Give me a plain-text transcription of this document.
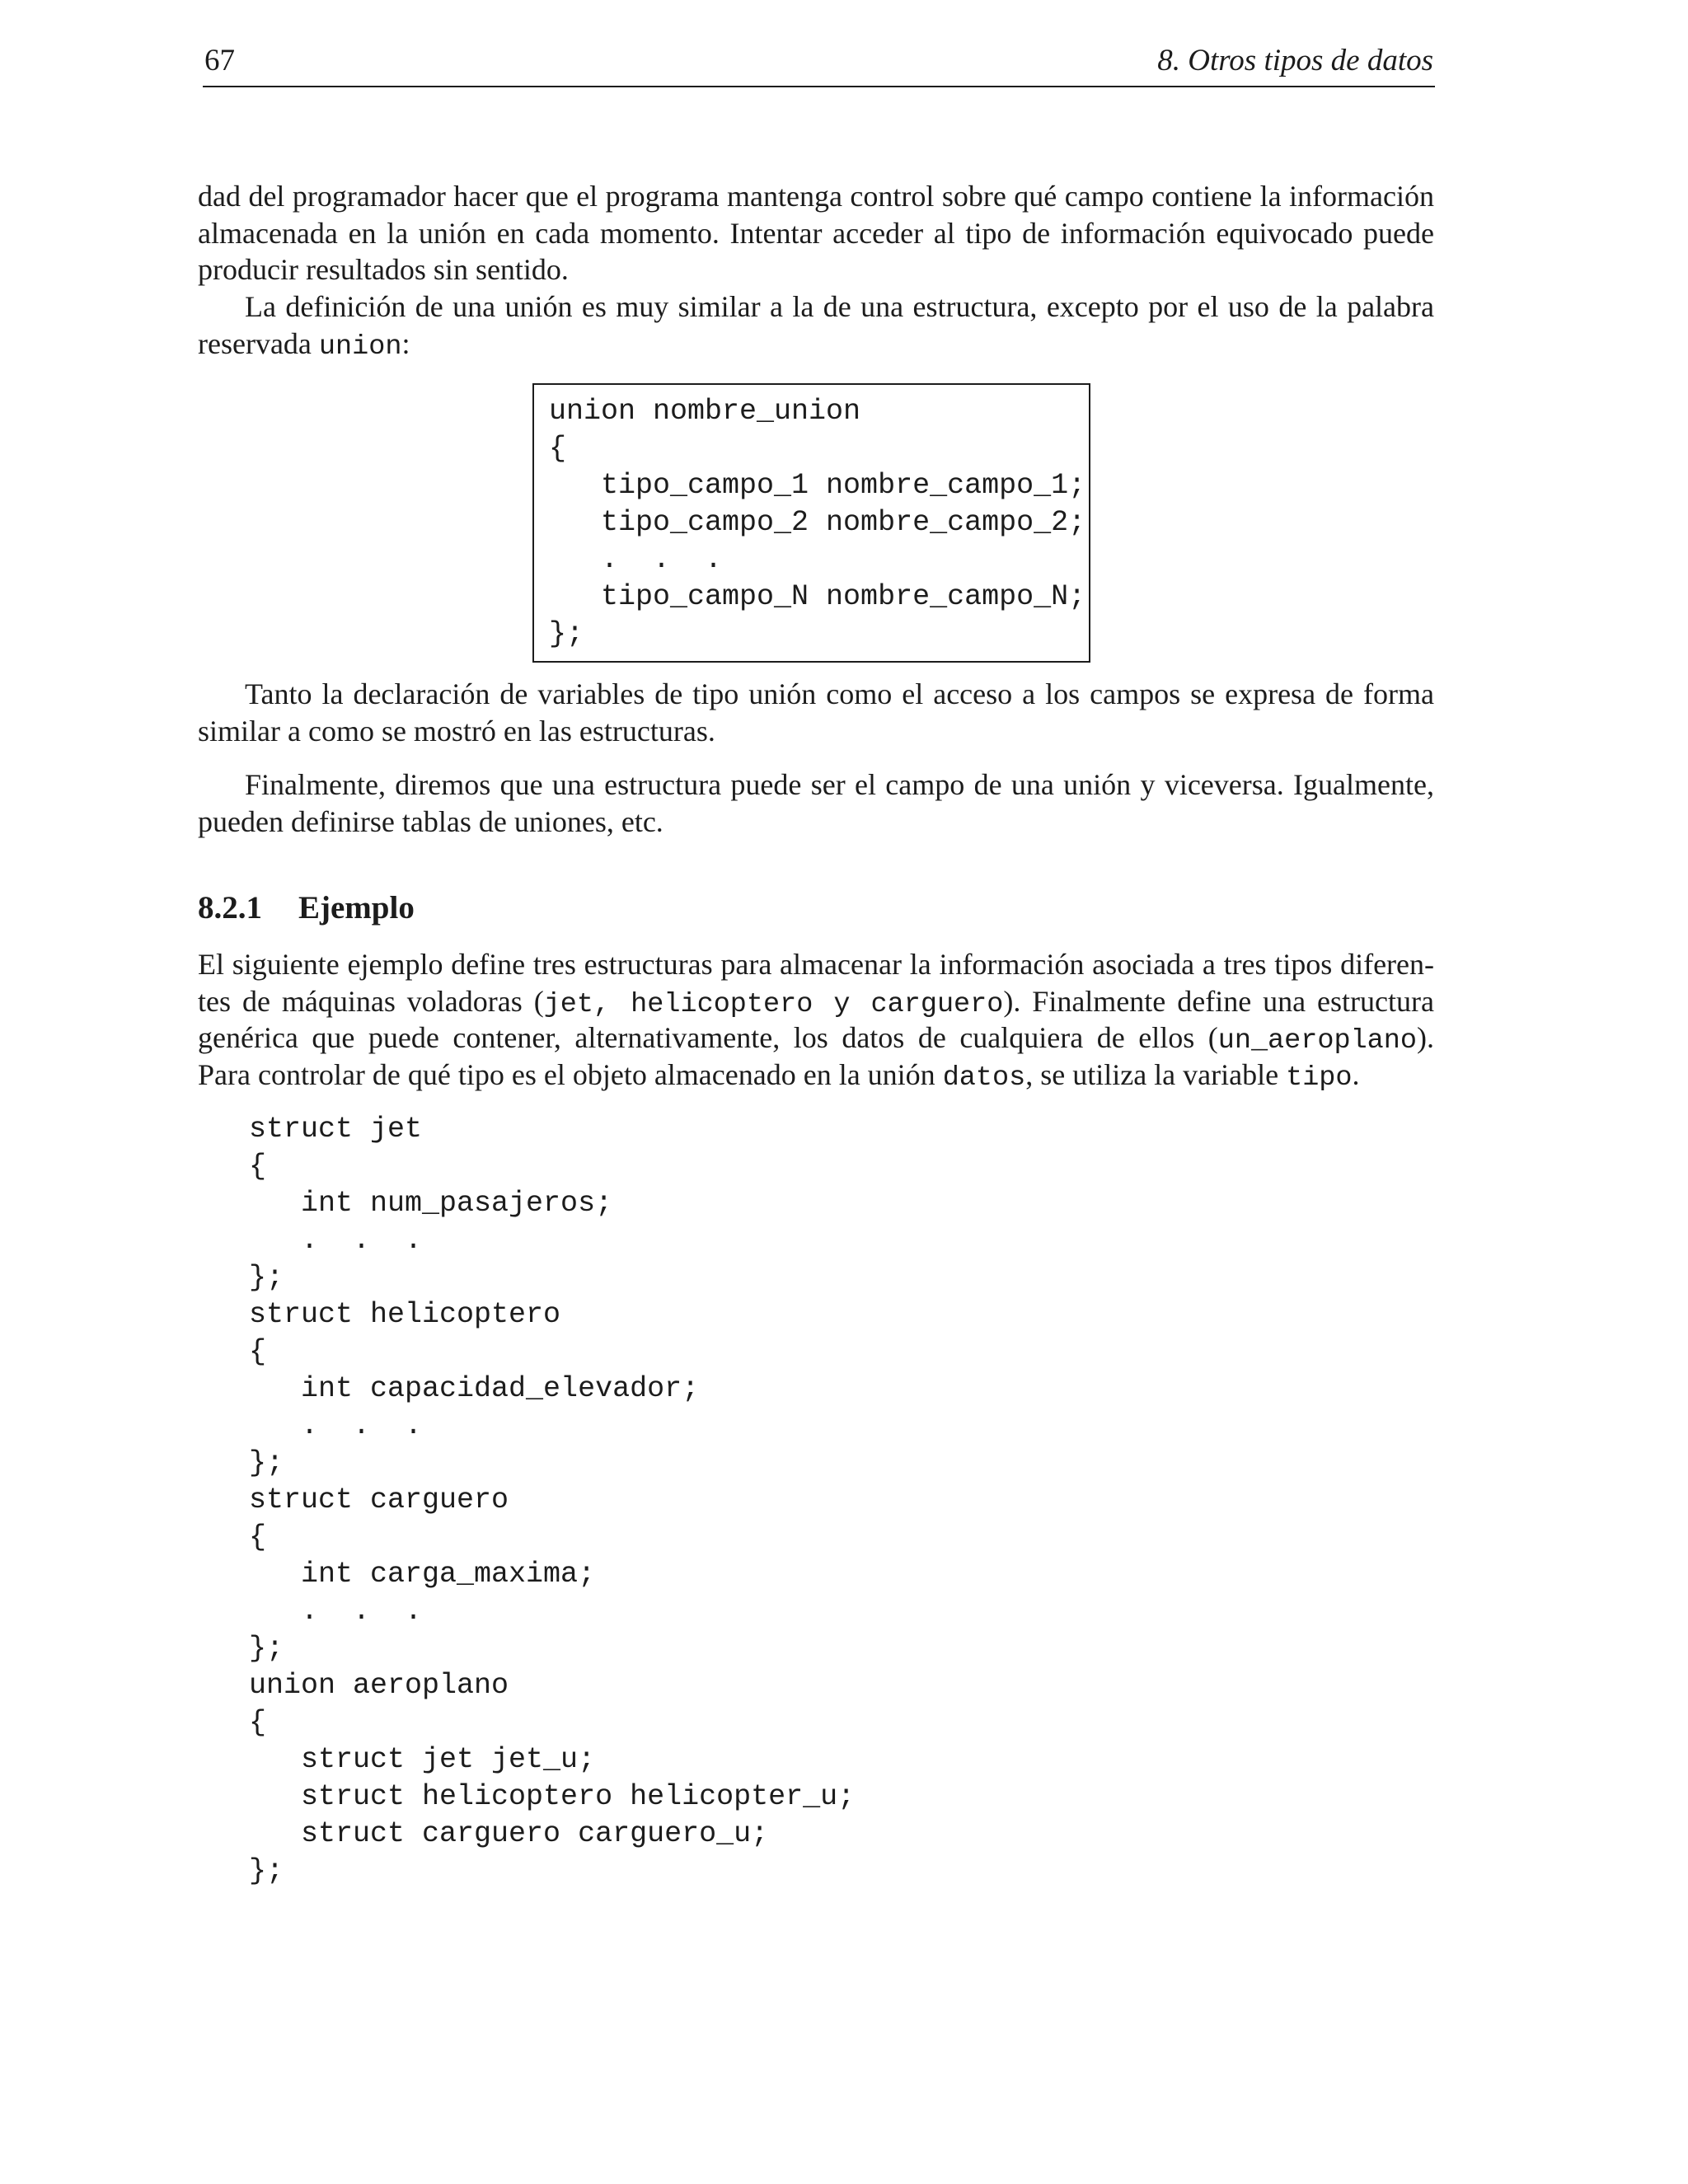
67	8. Otros tipos de datos
dad del programador hacer que el programa mantenga control sobre qué campo contiene la información
almacenada en la unión en cada momento. Intentar acceder al tipo de información equivocado puede
producir resultados sin sentido.
La definición de una unión es muy similar a la de una estructura, excepto por el uso de la palabra
reservada union:
union nombre_union
{
tipo_campo_1 nombre_campo_1;
tipo_campo_2 nombre_campo_2;
.  .  .
tipo_campo_N nombre_campo_N;
};
Tanto la declaración de variables de tipo unión como el acceso a los campos se expresa de forma
similar a como se mostró en las estructuras.
Finalmente, diremos que una estructura puede ser el campo de una unión y viceversa. Igualmente,
pueden definirse tablas de uniones, etc.
8.2.1 Ejemplo
El siguiente ejemplo define tres estructuras para almacenar la información asociada a tres tipos diferen-
tes de máquinas voladoras (jet, helicoptero y carguero). Finalmente define una estructura
genérica que puede contener, alternativamente, los datos de cualquiera de ellos (un_aeroplano).
Para controlar de qué tipo es el objeto almacenado en la unión datos, se utiliza la variable tipo.
struct jet
{
int num_pasajeros;
.  .  .
};
struct helicoptero
{
int capacidad_elevador;
.  .  .
};
struct carguero
{
int carga_maxima;
.  .  .
};
union aeroplano
{
struct jet jet_u;
struct helicoptero helicopter_u;
struct carguero carguero_u;
};
